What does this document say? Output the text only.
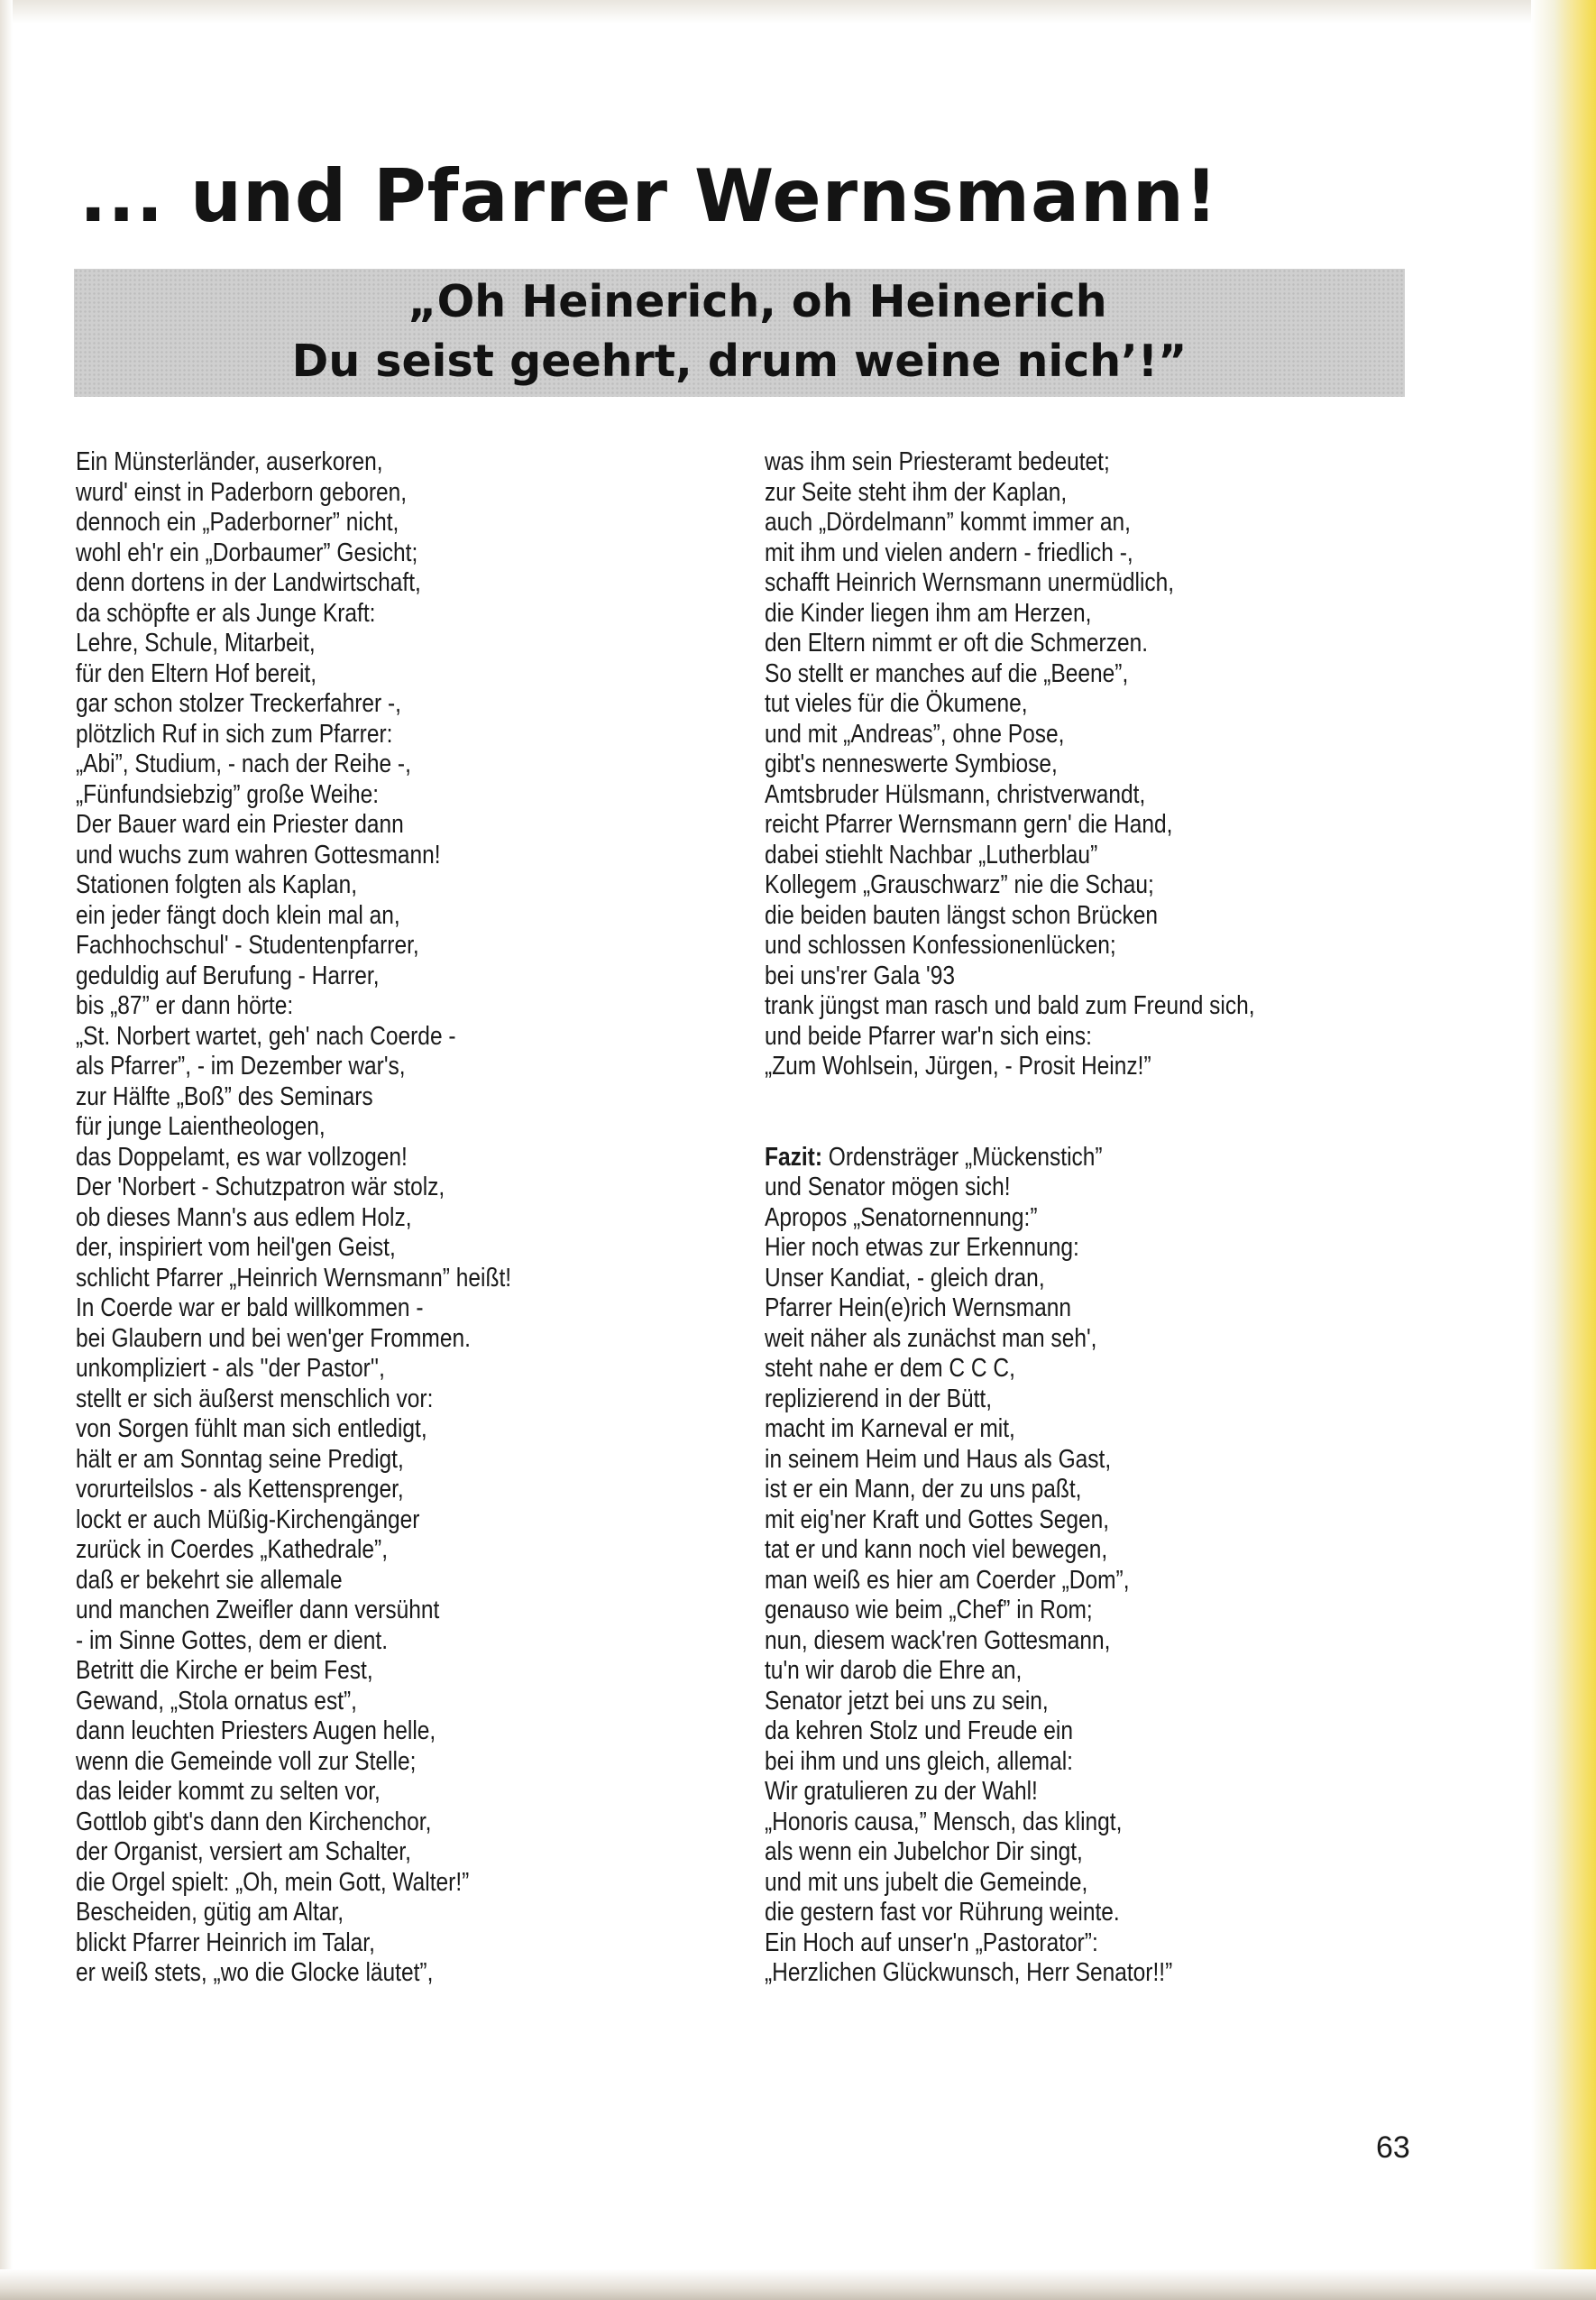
... und Pfarrer Wernsmann!
„Oh Heinerich, oh Heinerich
Du seist geehrt, drum weine nich’!”
Ein Münsterländer, auserkoren,
wurd' einst in Paderborn geboren,
dennoch ein „Paderborner” nicht,
wohl eh'r ein „Dorbaumer” Gesicht;
denn dortens in der Landwirtschaft,
da schöpfte er als Junge Kraft:
Lehre, Schule, Mitarbeit,
für den Eltern Hof bereit,
gar schon stolzer Treckerfahrer -,
plötzlich Ruf in sich zum Pfarrer:
„Abi”, Studium, - nach der Reihe -,
„Fünfundsiebzig” große Weihe:
Der Bauer ward ein Priester dann
und wuchs zum wahren Gottesmann!
Stationen folgten als Kaplan,
ein jeder fängt doch klein mal an,
Fachhochschul' - Studentenpfarrer,
geduldig auf Berufung - Harrer,
bis „87” er dann hörte:
„St. Norbert wartet, geh' nach Coerde -
als Pfarrer”, - im Dezember war's,
zur Hälfte „Boß” des Seminars
für junge Laientheologen,
das Doppelamt, es war vollzogen!
Der 'Norbert - Schutzpatron wär stolz,
ob dieses Mann's aus edlem Holz,
der, inspiriert vom heil'gen Geist,
schlicht Pfarrer „Heinrich Wernsmann” heißt!
In Coerde war er bald willkommen -
bei Glaubern und bei wen'ger Frommen.
unkompliziert - als ''der Pastor'',
stellt er sich äußerst menschlich vor:
von Sorgen fühlt man sich entledigt,
hält er am Sonntag seine Predigt,
vorurteilslos - als Kettensprenger,
lockt er auch Müßig-Kirchengänger
zurück in Coerdes „Kathedrale”,
daß er bekehrt sie allemale
und manchen Zweifler dann versühnt
- im Sinne Gottes, dem er dient.
Betritt die Kirche er beim Fest,
Gewand, „Stola ornatus est”,
dann leuchten Priesters Augen helle,
wenn die Gemeinde voll zur Stelle;
das leider kommt zu selten vor,
Gottlob gibt's dann den Kirchenchor,
der Organist, versiert am Schalter,
die Orgel spielt: „Oh, mein Gott, Walter!”
Bescheiden, gütig am Altar,
blickt Pfarrer Heinrich im Talar,
er weiß stets, „wo die Glocke läutet”,
was ihm sein Priesteramt bedeutet;
zur Seite steht ihm der Kaplan,
auch „Dördelmann” kommt immer an,
mit ihm und vielen andern - friedlich -,
schafft Heinrich Wernsmann unermüdlich,
die Kinder liegen ihm am Herzen,
den Eltern nimmt er oft die Schmerzen.
So stellt er manches auf die „Beene”,
tut vieles für die Ökumene,
und mit „Andreas”, ohne Pose,
gibt's nenneswerte Symbiose,
Amtsbruder Hülsmann, christverwandt,
reicht Pfarrer Wernsmann gern' die Hand,
dabei stiehlt Nachbar „Lutherblau”
Kollegem „Grauschwarz” nie die Schau;
die beiden bauten längst schon Brücken
und schlossen Konfessionenlücken;
bei uns'rer Gala '93
trank jüngst man rasch und bald zum Freund sich,
und beide Pfarrer war'n sich eins:
„Zum Wohlsein, Jürgen, - Prosit Heinz!”
Fazit: Ordensträger „Mückenstich”
und Senator mögen sich!
Apropos „Senatornennung:”
Hier noch etwas zur Erkennung:
Unser Kandiat, - gleich dran,
Pfarrer Hein(e)rich Wernsmann
weit näher als zunächst man seh',
steht nahe er dem C C C,
replizierend in der Bütt,
macht im Karneval er mit,
in seinem Heim und Haus als Gast,
ist er ein Mann, der zu uns paßt,
mit eig'ner Kraft und Gottes Segen,
tat er und kann noch viel bewegen,
man weiß es hier am Coerder „Dom”,
genauso wie beim „Chef” in Rom;
nun, diesem wack'ren Gottesmann,
tu'n wir darob die Ehre an,
Senator jetzt bei uns zu sein,
da kehren Stolz und Freude ein
bei ihm und uns gleich, allemal:
Wir gratulieren zu der Wahl!
„Honoris causa,” Mensch, das klingt,
als wenn ein Jubelchor Dir singt,
und mit uns jubelt die Gemeinde,
die gestern fast vor Rührung weinte.
Ein Hoch auf unser'n „Pastorator”:
„Herzlichen Glückwunsch, Herr Senator!!”
63
